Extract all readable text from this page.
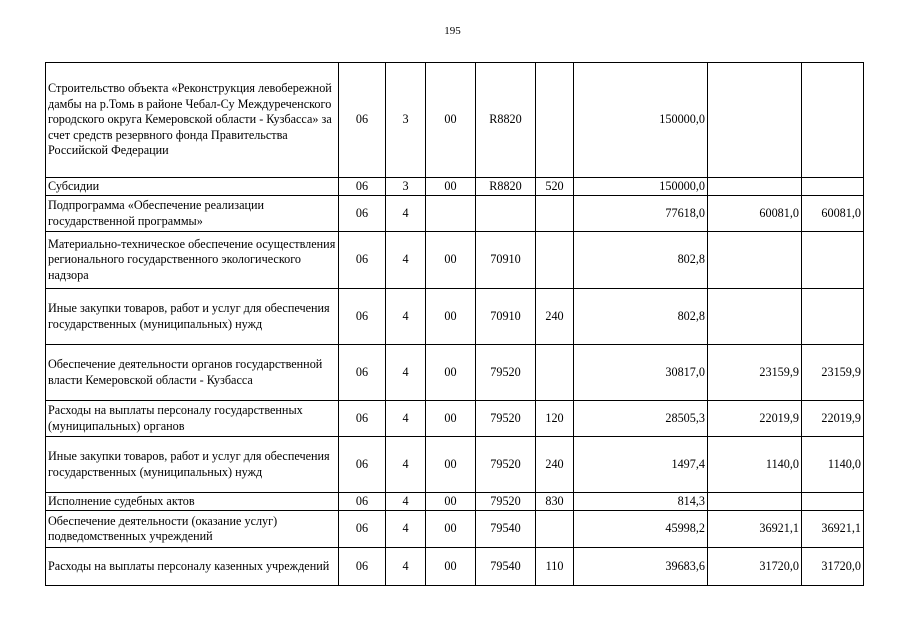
195
Строительство объекта «Реконструкция левобережной дамбы на р.Томь в районе Чебал-Су Междуреченского городского округа Кемеровской области - Кузбасса» за счет средств резервного фонда Правительства Российской Федерации	06	3	00	R8820		150000,0		
Субсидии	06	3	00	R8820	520	150000,0		
Подпрограмма «Обеспечение реализации государственной программы»	06	4				77618,0	60081,0	60081,0
Материально-техническое обеспечение осуществления регионального государственного экологического надзора	06	4	00	70910		802,8		
Иные закупки товаров, работ и услуг для обеспечения государственных (муниципальных) нужд	06	4	00	70910	240	802,8		
Обеспечение деятельности органов государственной власти Кемеровской области - Кузбасса	06	4	00	79520		30817,0	23159,9	23159,9
Расходы на выплаты персоналу государственных (муниципальных) органов	06	4	00	79520	120	28505,3	22019,9	22019,9
Иные закупки товаров, работ и услуг для обеспечения государственных (муниципальных) нужд	06	4	00	79520	240	1497,4	1140,0	1140,0
Исполнение судебных актов	06	4	00	79520	830	814,3		
Обеспечение деятельности (оказание услуг) подведомственных учреждений	06	4	00	79540		45998,2	36921,1	36921,1
Расходы на выплаты персоналу казенных учреждений	06	4	00	79540	110	39683,6	31720,0	31720,0
